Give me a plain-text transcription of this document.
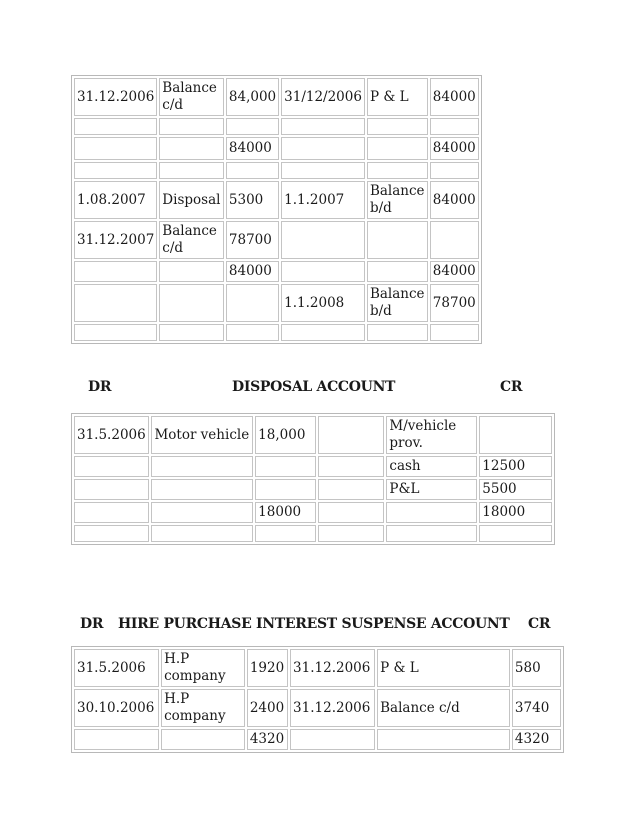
31.12.2006	Balance c/d	84,000	31/12/2006	P & L	84000

		84000			84000

1.08.2007	Disposal	5300	1.1.2007	Balance b/d	84000
31.12.2007	Balance c/d	78700			
		84000			84000
			1.1.2008	Balance b/d	78700

DR	DISPOSAL ACCOUNT	CR
31.5.2006	Motor vehicle	18,000		M/vehicle prov.	
				cash	12500
				P&L	5500
		18000			18000

DR HIRE PURCHASE INTEREST SUSPENSE ACCOUNT CR
31.5.2006	H.P company	1920	31.12.2006	P & L	580
30.10.2006	H.P company	2400	31.12.2006	Balance c/d	3740
		4320			4320
